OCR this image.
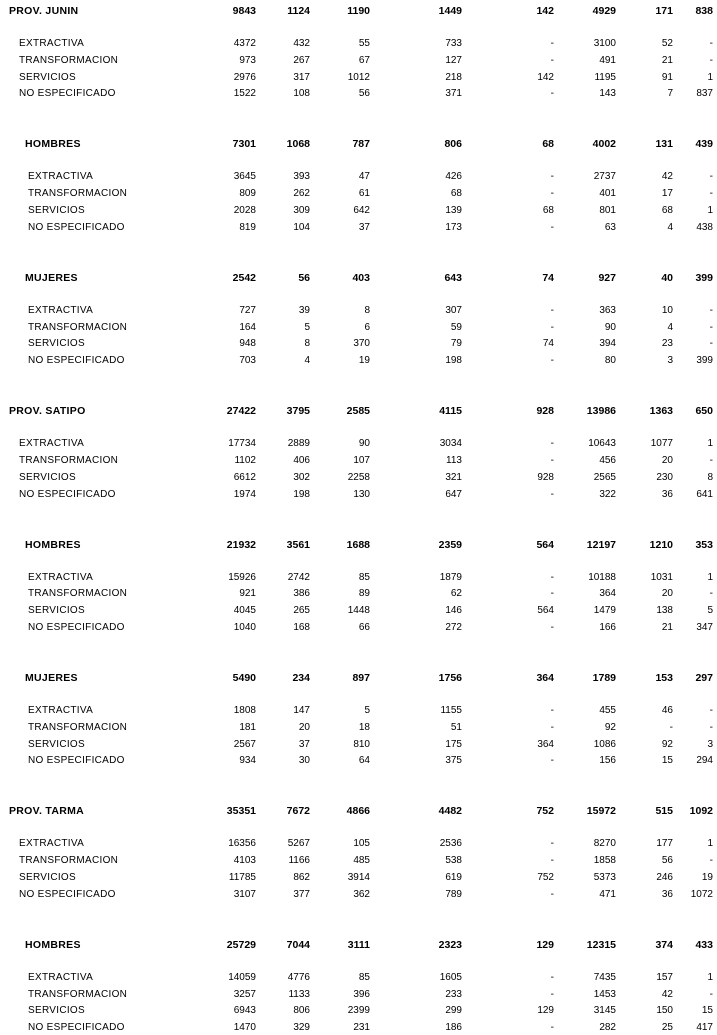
PROV. JUNIN	9843	1124	1190	1449	142	4929	171	838
EXTRACTIVA	4372	432	55	733	-	3100	52	-
TRANSFORMACION	973	267	67	127	-	491	21	-
SERVICIOS	2976	317	1012	218	142	1195	91	1
NO ESPECIFICADO	1522	108	56	371	-	143	7	837
HOMBRES	7301	1068	787	806	68	4002	131	439
EXTRACTIVA	3645	393	47	426	-	2737	42	-
TRANSFORMACION	809	262	61	68	-	401	17	-
SERVICIOS	2028	309	642	139	68	801	68	1
NO ESPECIFICADO	819	104	37	173	-	63	4	438
MUJERES	2542	56	403	643	74	927	40	399
EXTRACTIVA	727	39	8	307	-	363	10	-
TRANSFORMACION	164	5	6	59	-	90	4	-
SERVICIOS	948	8	370	79	74	394	23	-
NO ESPECIFICADO	703	4	19	198	-	80	3	399
PROV. SATIPO	27422	3795	2585	4115	928	13986	1363	650
EXTRACTIVA	17734	2889	90	3034	-	10643	1077	1
TRANSFORMACION	1102	406	107	113	-	456	20	-
SERVICIOS	6612	302	2258	321	928	2565	230	8
NO ESPECIFICADO	1974	198	130	647	-	322	36	641
HOMBRES	21932	3561	1688	2359	564	12197	1210	353
EXTRACTIVA	15926	2742	85	1879	-	10188	1031	1
TRANSFORMACION	921	386	89	62	-	364	20	-
SERVICIOS	4045	265	1448	146	564	1479	138	5
NO ESPECIFICADO	1040	168	66	272	-	166	21	347
MUJERES	5490	234	897	1756	364	1789	153	297
EXTRACTIVA	1808	147	5	1155	-	455	46	-
TRANSFORMACION	181	20	18	51	-	92	-	-
SERVICIOS	2567	37	810	175	364	1086	92	3
NO ESPECIFICADO	934	30	64	375	-	156	15	294
PROV. TARMA	35351	7672	4866	4482	752	15972	515	1092
EXTRACTIVA	16356	5267	105	2536	-	8270	177	1
TRANSFORMACION	4103	1166	485	538	-	1858	56	-
SERVICIOS	11785	862	3914	619	752	5373	246	19
NO ESPECIFICADO	3107	377	362	789	-	471	36	1072
HOMBRES	25729	7044	3111	2323	129	12315	374	433
EXTRACTIVA	14059	4776	85	1605	-	7435	157	1
TRANSFORMACION	3257	1133	396	233	-	1453	42	-
SERVICIOS	6943	806	2399	299	129	3145	150	15
NO ESPECIFICADO	1470	329	231	186	-	282	25	417
